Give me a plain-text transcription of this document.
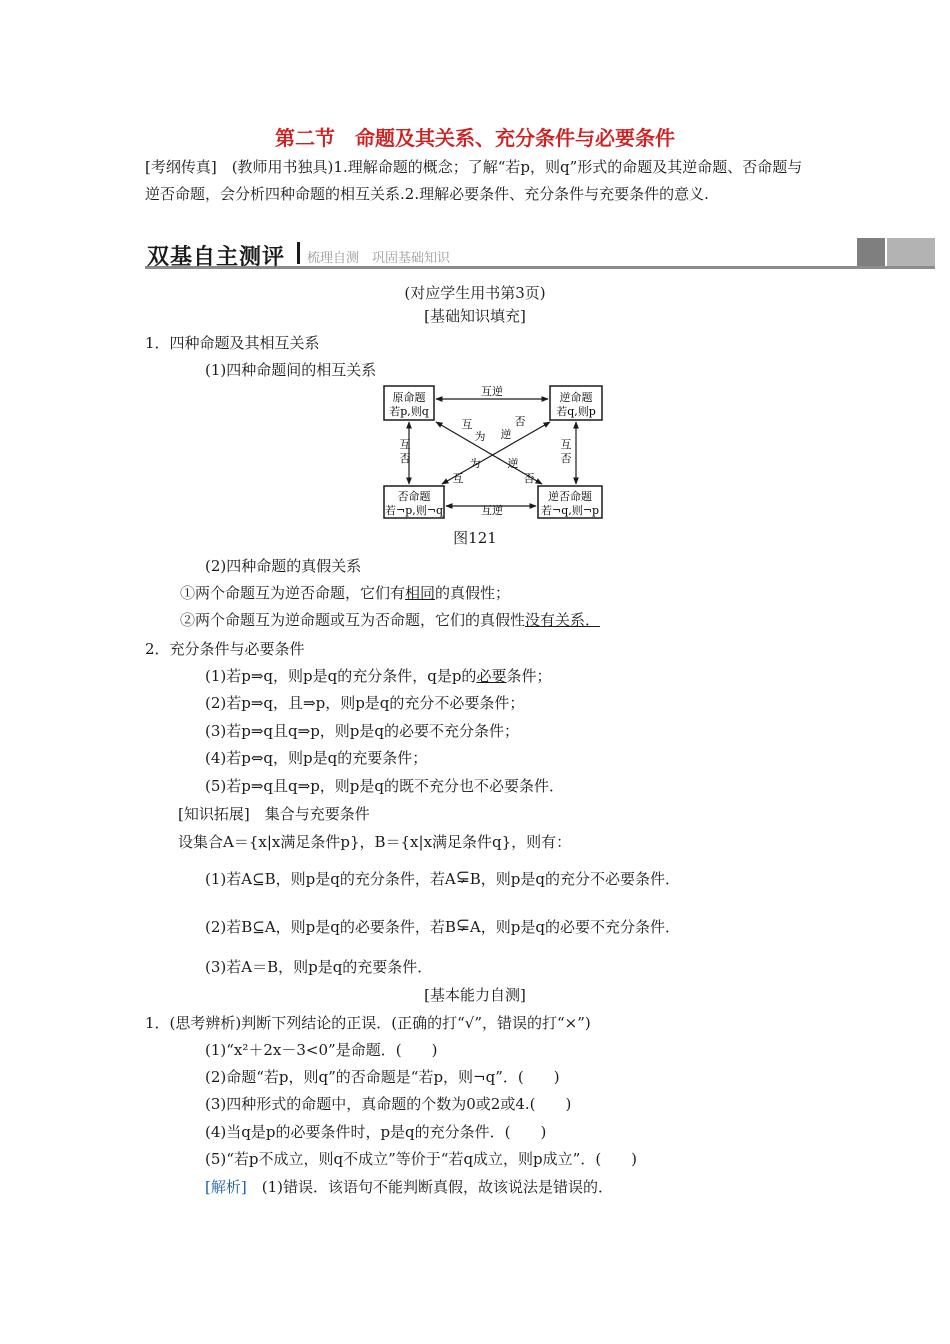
第二节　命题及其关系、充分条件与必要条件
[考纲传真]　(教师用书独具)1.理解命题的概念；了解“若p，则q”形式的命题及其逆命题、否命题与逆否命题，会分析四种命题的相互关系.2.理解必要条件、充分条件与充要条件的意义.
双基自主测评 梳理自测　巩固基础知识
(对应学生用书第3页)
[基础知识填充]
1．四种命题及其相互关系
(1)四种命题间的相互关系
原命题
若p,则q
逆命题
若q,则p
否命题
若¬p,则¬q
逆否命题
若¬q,则¬p
互逆
互逆
互
否
互
否
互
为 逆
否
为
互
逆
否
图121
(2)四种命题的真假关系
①两个命题互为逆否命题，它们有相同的真假性；
②两个命题互为逆命题或互为否命题，它们的真假性没有关系．
2．充分条件与必要条件
(1)若p⇒q，则p是q的充分条件，q是p的必要条件；
(2)若p⇒q，且⇒p，则p是q的充分不必要条件；
(3)若p⇒q且q⇒p，则p是q的必要不充分条件；
(4)若p⇔q，则p是q的充要条件；
(5)若p⇒q且q⇒p，则p是q的既不充分也不必要条件．
[知识拓展]　集合与充要条件
设集合A＝{x|x满足条件p}，B＝{x|x满足条件q}，则有：
(1)若A⊆B，则p是q的充分条件，若A⊊B，则p是q的充分不必要条件．
(2)若B⊆A，则p是q的必要条件，若B⊊A，则p是q的必要不充分条件．
(3)若A＝B，则p是q的充要条件．
[基本能力自测]
1．(思考辨析)判断下列结论的正误．(正确的打“√”，错误的打“×”)
(1)“x²＋2x－3<0”是命题．(　　)
(2)命题“若p，则q”的否命题是“若p，则¬q”．(　　)
(3)四种形式的命题中，真命题的个数为0或2或4.(　　)
(4)当q是p的必要条件时，p是q的充分条件．(　　)
(5)“若p不成立，则q不成立”等价于“若q成立，则p成立”．(　　)
[解析]　(1)错误．该语句不能判断真假，故该说法是错误的．
